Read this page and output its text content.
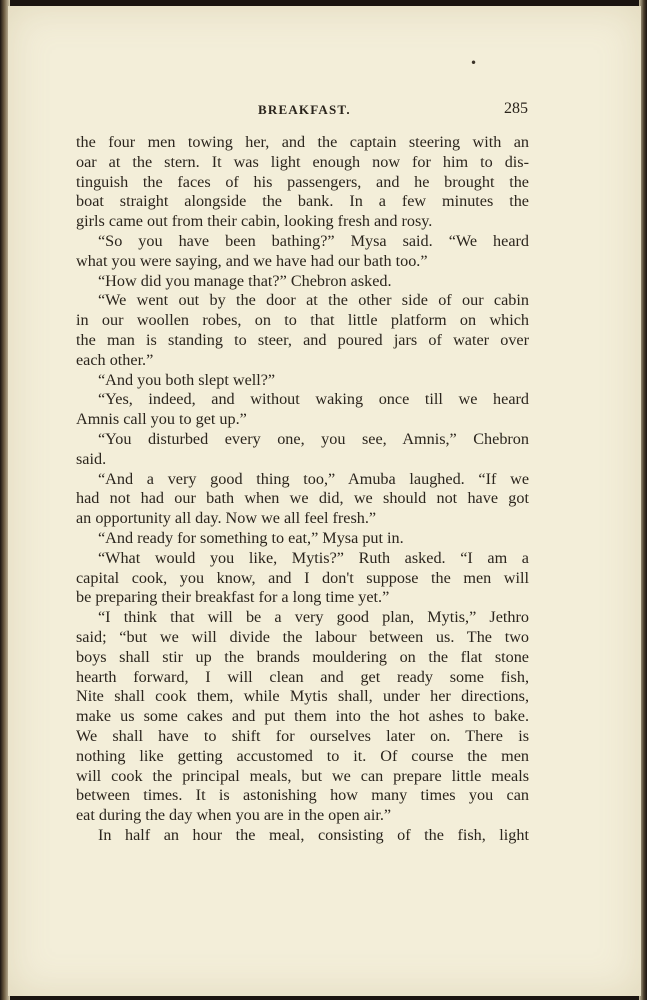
•
BREAKFAST.	285
the four men towing her, and the captain steering with an
oar at the stern. It was light enough now for him to dis-
tinguish the faces of his passengers, and he brought the
boat straight alongside the bank. In a few minutes the
girls came out from their cabin, looking fresh and rosy.
“So you have been bathing?” Mysa said. “We heard
what you were saying, and we have had our bath too.”
“How did you manage that?” Chebron asked.
“We went out by the door at the other side of our cabin
in our woollen robes, on to that little platform on which
the man is standing to steer, and poured jars of water over
each other.”
“And you both slept well?”
“Yes, indeed, and without waking once till we heard
Amnis call you to get up.”
“You disturbed every one, you see, Amnis,” Chebron
said.
“And a very good thing too,” Amuba laughed. “If we
had not had our bath when we did, we should not have got
an opportunity all day. Now we all feel fresh.”
“And ready for something to eat,” Mysa put in.
“What would you like, Mytis?” Ruth asked. “I am a
capital cook, you know, and I don't suppose the men will
be preparing their breakfast for a long time yet.”
“I think that will be a very good plan, Mytis,” Jethro
said; “but we will divide the labour between us. The two
boys shall stir up the brands mouldering on the flat stone
hearth forward, I will clean and get ready some fish,
Nite shall cook them, while Mytis shall, under her directions,
make us some cakes and put them into the hot ashes to bake.
We shall have to shift for ourselves later on. There is
nothing like getting accustomed to it. Of course the men
will cook the principal meals, but we can prepare little meals
between times. It is astonishing how many times you can
eat during the day when you are in the open air.”
In half an hour the meal, consisting of the fish, light
